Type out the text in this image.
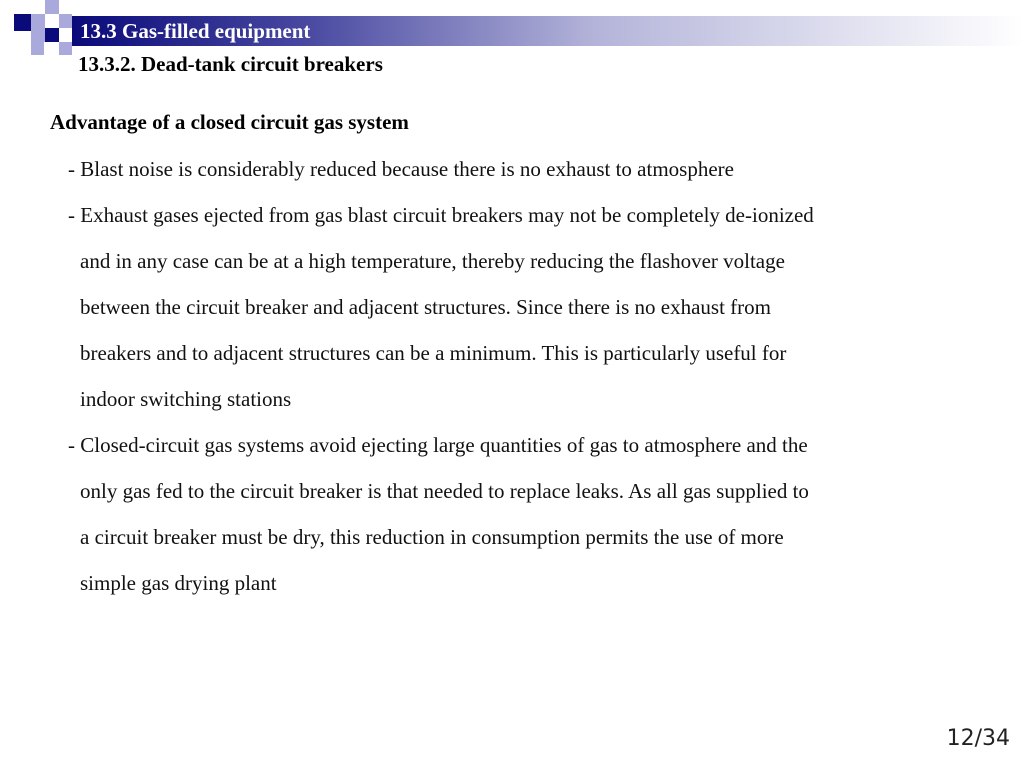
13.3 Gas-filled equipment
13.3.2. Dead-tank circuit breakers
Advantage of a closed circuit gas system
- Blast noise is considerably reduced because there is no exhaust to atmosphere
- Exhaust gases ejected from gas blast circuit breakers may not be completely de-ionized
and in any case can be at a high temperature, thereby reducing the flashover voltage
between the circuit breaker and adjacent structures. Since there is no exhaust from
breakers and to adjacent structures can be a minimum. This is particularly useful for
indoor switching stations
- Closed-circuit gas systems avoid ejecting large quantities of gas to atmosphere and the
only gas fed to the circuit breaker is that needed to replace leaks. As all gas supplied to
a circuit breaker must be dry, this reduction in consumption permits the use of more
simple gas drying plant
12/34
